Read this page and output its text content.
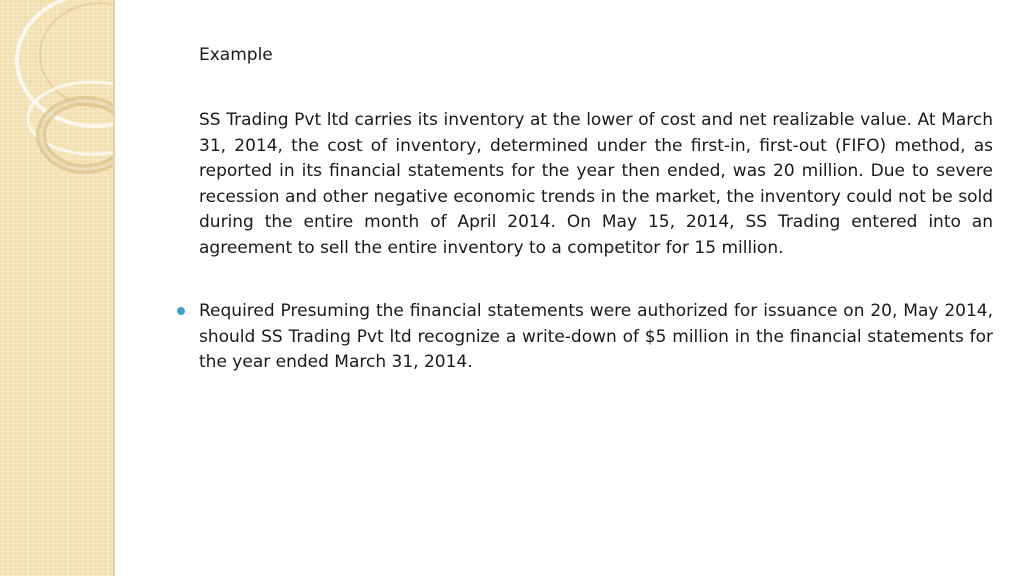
Example

SS Trading Pvt ltd carries its inventory at the lower of cost and net realizable value. At March 31, 2014, the cost of inventory, determined under the first-in, first-out (FIFO) method, as reported in its financial statements for the year then ended, was 20 million. Due to severe recession and other negative economic trends in the market, the inventory could not be sold during the entire month of April 2014. On May 15, 2014, SS Trading entered into an agreement to sell the entire inventory to a competitor for 15 million.

Required Presuming the financial statements were authorized for issuance on 20, May 2014, should SS Trading Pvt ltd recognize a write-down of $5 million in the financial statements for the year ended March 31, 2014.
